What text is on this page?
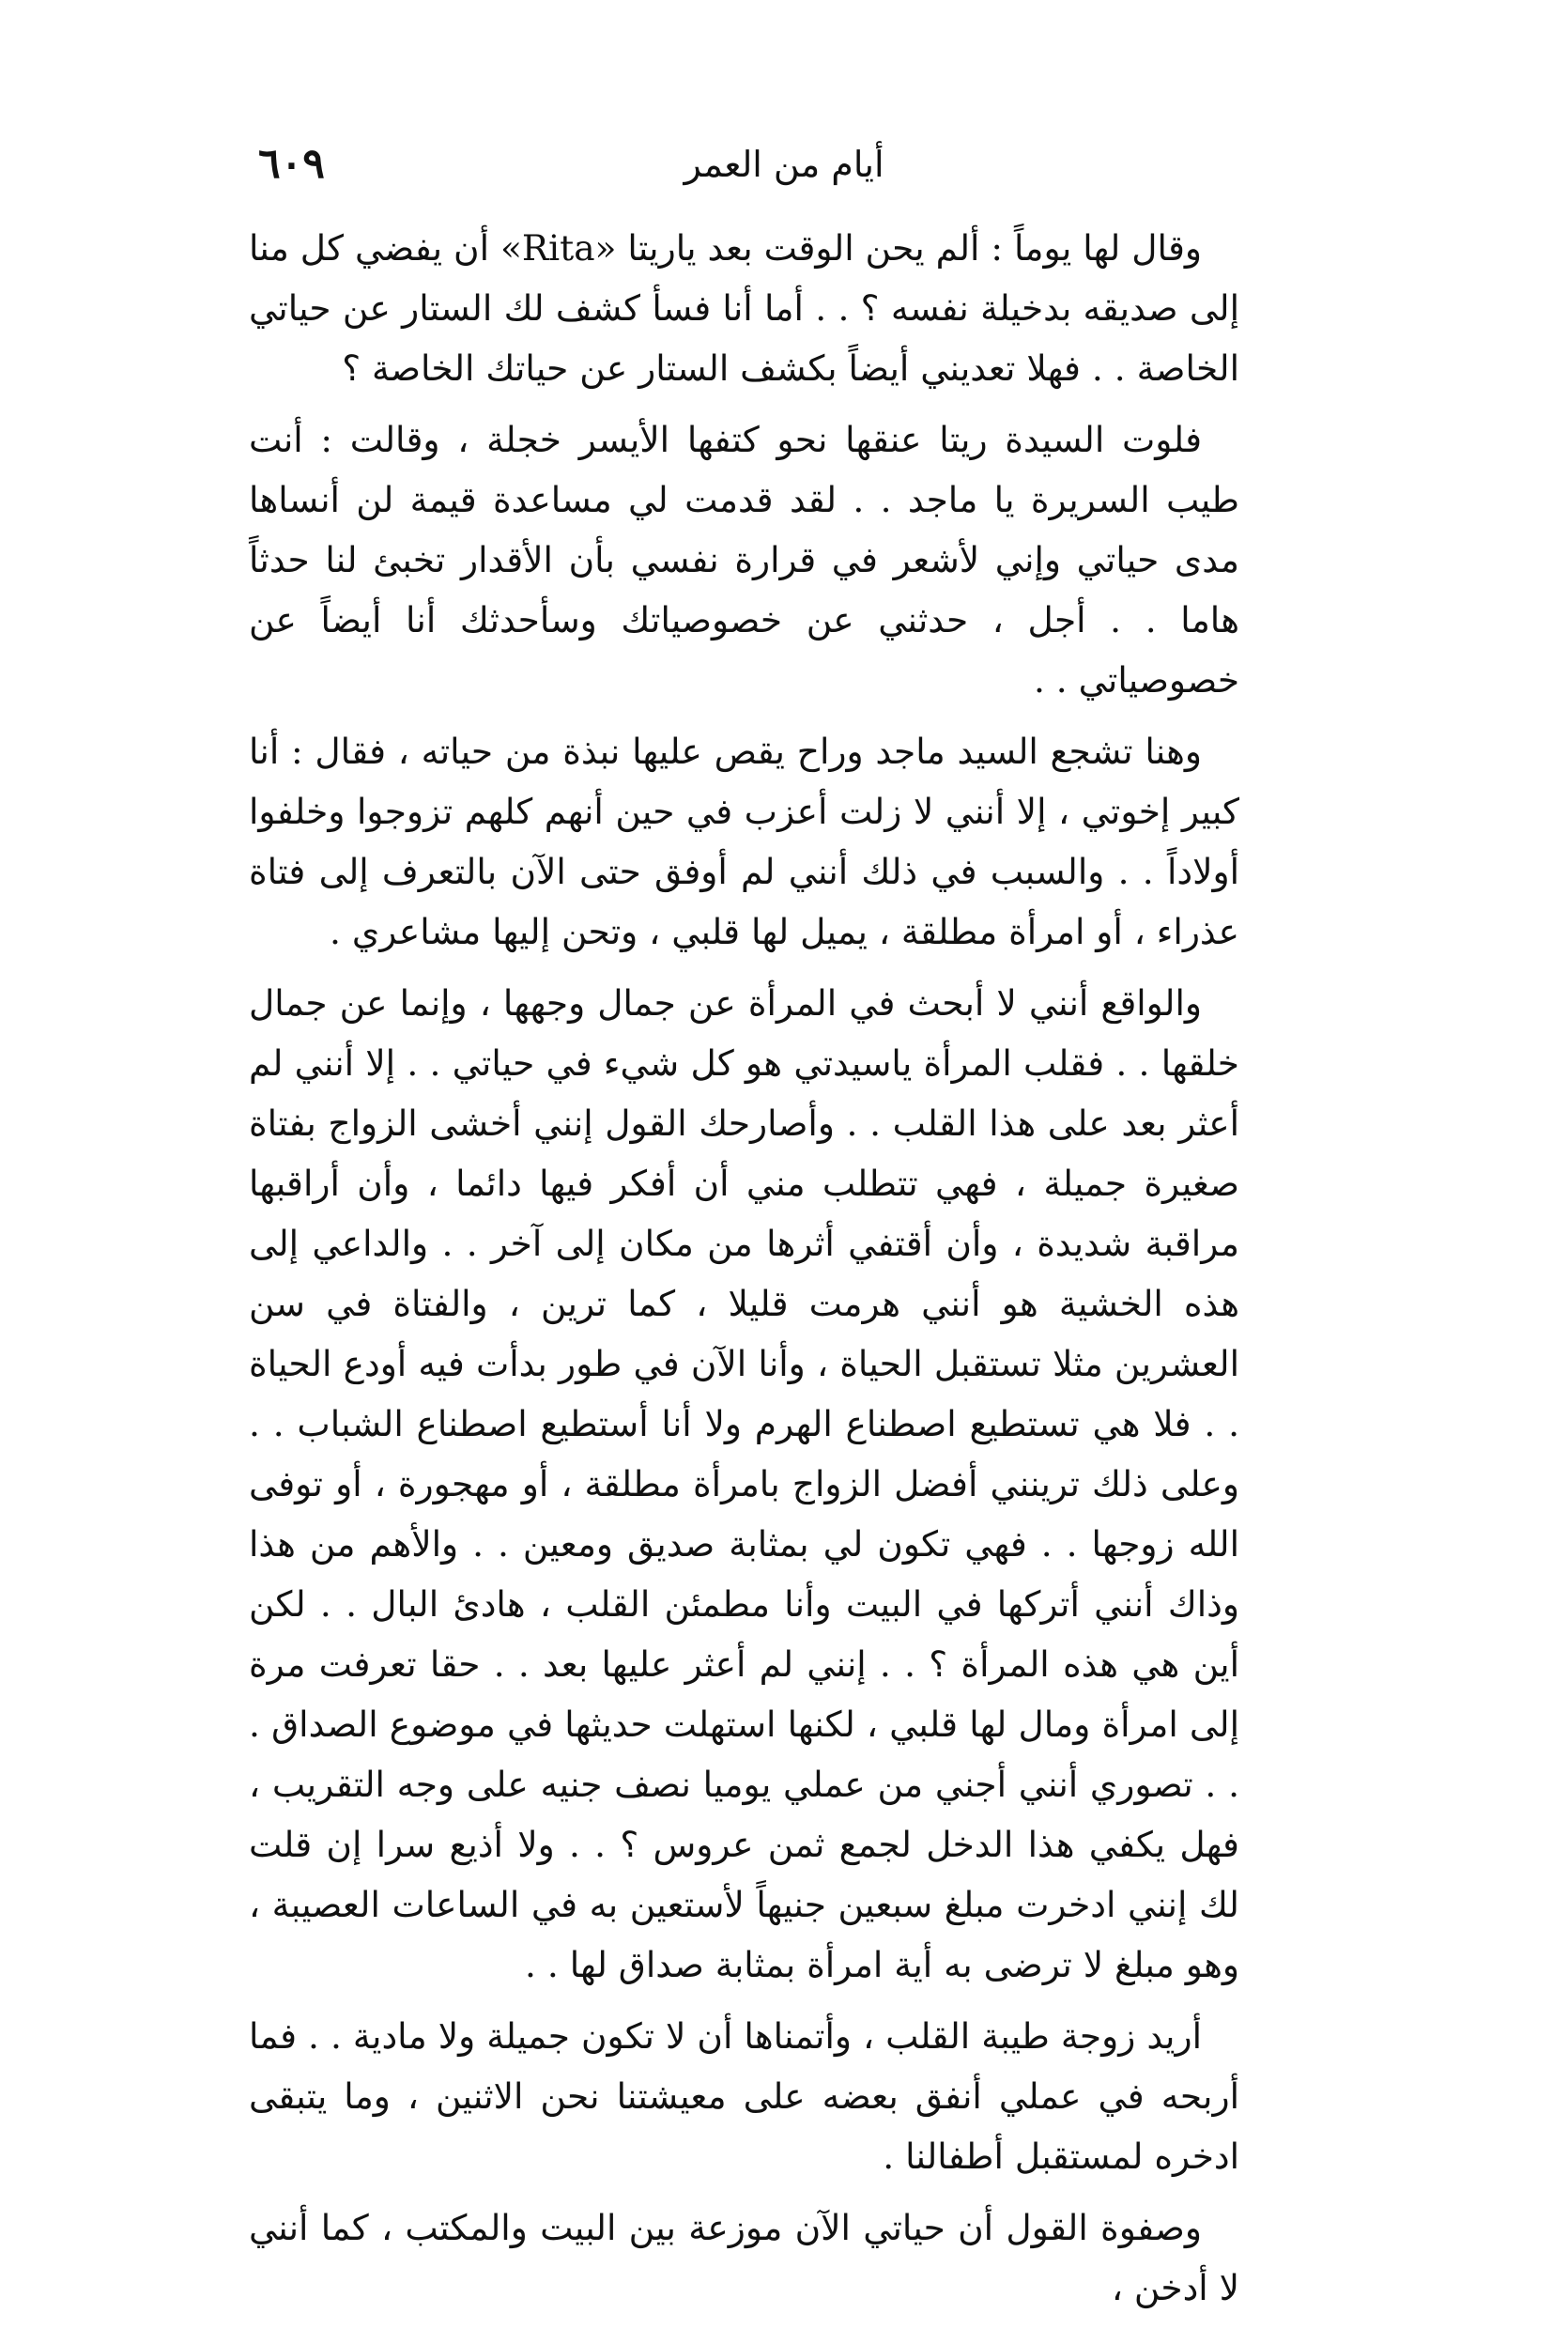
أيام من العمر
٦٠٩

وقال لها يوماً : ألم يحن الوقت بعد ياريتا «Rita» أن يفضي كل منا إلى صديقه بدخيلة نفسه ؟ . . أما أنا فسأ كشف لك الستار عن حياتي الخاصة . . فهلا تعديني أيضاً بكشف الستار عن حياتك الخاصة ؟

فلوت السيدة ريتا عنقها نحو كتفها الأيسر خجلة ، وقالت : أنت طيب السريرة يا ماجد . . لقد قدمت لي مساعدة قيمة لن أنساها مدى حياتي وإني لأشعر في قرارة نفسي بأن الأقدار تخبئ لنا حدثاً هاما . . أجل ، حدثني عن خصوصياتك وسأحدثك أنا أيضاً عن خصوصياتي . .

وهنا تشجع السيد ماجد وراح يقص عليها نبذة من حياته ، فقال : أنا كبير إخوتي ، إلا أنني لا زلت أعزب في حين أنهم كلهم تزوجوا وخلفوا أولاداً . . والسبب في ذلك أنني لم أوفق حتى الآن بالتعرف إلى فتاة عذراء ، أو امرأة مطلقة ، يميل لها قلبي ، وتحن إليها مشاعري .

والواقع أنني لا أبحث في المرأة عن جمال وجهها ، وإنما عن جمال خلقها . . فقلب المرأة ياسيدتي هو كل شيء في حياتي . . إلا أنني لم أعثر بعد على هذا القلب . . وأصارحك القول إنني أخشى الزواج بفتاة صغيرة جميلة ، فهي تتطلب مني أن أفكر فيها دائما ، وأن أراقبها مراقبة شديدة ، وأن أقتفي أثرها من مكان إلى آخر . . والداعي إلى هذه الخشية هو أنني هرمت قليلا ، كما ترين ، والفتاة في سن العشرين مثلا تستقبل الحياة ، وأنا الآن في طور بدأت فيه أودع الحياة . . فلا هي تستطيع اصطناع الهرم ولا أنا أستطيع اصطناع الشباب . . وعلى ذلك ترينني أفضل الزواج بامرأة مطلقة ، أو مهجورة ، أو توفى الله زوجها . . فهي تكون لي بمثابة صديق ومعين . . والأهم من هذا وذاك أنني أتركها في البيت وأنا مطمئن القلب ، هادئ البال . . لكن أين هي هذه المرأة ؟ . . إنني لم أعثر عليها بعد . . حقا تعرفت مرة إلى امرأة ومال لها قلبي ، لكنها استهلت حديثها في موضوع الصداق . . . تصوري أنني أجني من عملي يوميا نصف جنيه على وجه التقريب ، فهل يكفي هذا الدخل لجمع ثمن عروس ؟ . . ولا أذيع سرا إن قلت لك إنني ادخرت مبلغ سبعين جنيهاً لأستعين به في الساعات العصيبة ، وهو مبلغ لا ترضى به أية امرأة بمثابة صداق لها . .

أريد زوجة طيبة القلب ، وأتمناها أن لا تكون جميلة ولا مادية . . فما أربحه في عملي أنفق بعضه على معيشتنا نحن الاثنين ، وما يتبقى ادخره لمستقبل أطفالنا .

وصفوة القول أن حياتي الآن موزعة بين البيت والمكتب ، كما أنني لا أدخن ،
